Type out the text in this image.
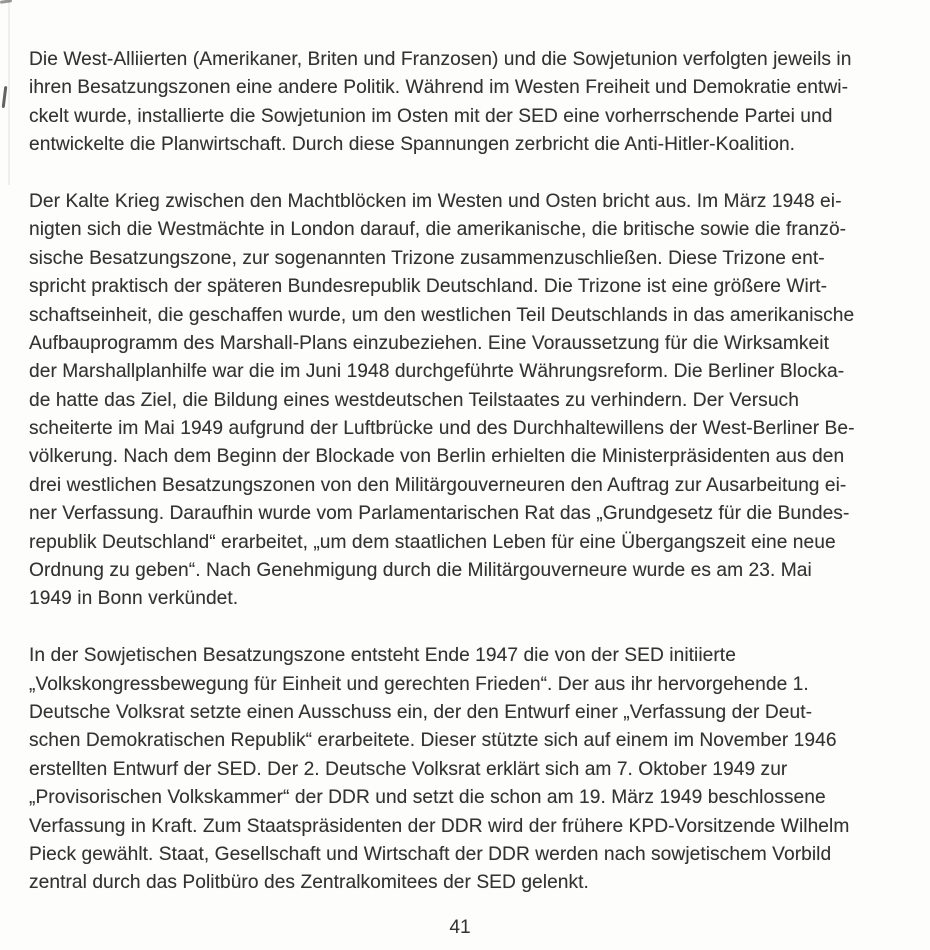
Die West-Alliierten (Amerikaner, Briten und Franzosen) und die Sowjetunion verfolgten jeweils in
ihren Besatzungszonen eine andere Politik. Während im Westen Freiheit und Demokratie entwi-
ckelt wurde, installierte die Sowjetunion im Osten mit der SED eine vorherrschende Partei und
entwickelte die Planwirtschaft. Durch diese Spannungen zerbricht die Anti-Hitler-Koalition.
Der Kalte Krieg zwischen den Machtblöcken im Westen und Osten bricht aus. Im März 1948 ei-
nigten sich die Westmächte in London darauf, die amerikanische, die britische sowie die franzö-
sische Besatzungszone, zur sogenannten Trizone zusammenzuschließen. Diese Trizone ent-
spricht praktisch der späteren Bundesrepublik Deutschland. Die Trizone ist eine größere Wirt-
schaftseinheit, die geschaffen wurde, um den westlichen Teil Deutschlands in das amerikanische
Aufbauprogramm des Marshall-Plans einzubeziehen. Eine Voraussetzung für die Wirksamkeit
der Marshallplanhilfe war die im Juni 1948 durchgeführte Währungsreform. Die Berliner Blocka-
de hatte das Ziel, die Bildung eines westdeutschen Teilstaates zu verhindern. Der Versuch
scheiterte im Mai 1949 aufgrund der Luftbrücke und des Durchhaltewillens der West-Berliner Be-
völkerung. Nach dem Beginn der Blockade von Berlin erhielten die Ministerpräsidenten aus den
drei westlichen Besatzungszonen von den Militärgouverneuren den Auftrag zur Ausarbeitung ei-
ner Verfassung. Daraufhin wurde vom Parlamentarischen Rat das „Grundgesetz für die Bundes-
republik Deutschland“ erarbeitet, „um dem staatlichen Leben für eine Übergangszeit eine neue
Ordnung zu geben“. Nach Genehmigung durch die Militärgouverneure wurde es am 23. Mai
1949 in Bonn verkündet.
In der Sowjetischen Besatzungszone entsteht Ende 1947 die von der SED initiierte
„Volkskongressbewegung für Einheit und gerechten Frieden“. Der aus ihr hervorgehende 1.
Deutsche Volksrat setzte einen Ausschuss ein, der den Entwurf einer „Verfassung der Deut-
schen Demokratischen Republik“ erarbeitete. Dieser stützte sich auf einem im November 1946
erstellten Entwurf der SED. Der 2. Deutsche Volksrat erklärt sich am 7. Oktober 1949 zur
„Provisorischen Volkskammer“ der DDR und setzt die schon am 19. März 1949 beschlossene
Verfassung in Kraft. Zum Staatspräsidenten der DDR wird der frühere KPD-Vorsitzende Wilhelm
Pieck gewählt. Staat, Gesellschaft und Wirtschaft der DDR werden nach sowjetischem Vorbild
zentral durch das Politbüro des Zentralkomitees der SED gelenkt.
41
